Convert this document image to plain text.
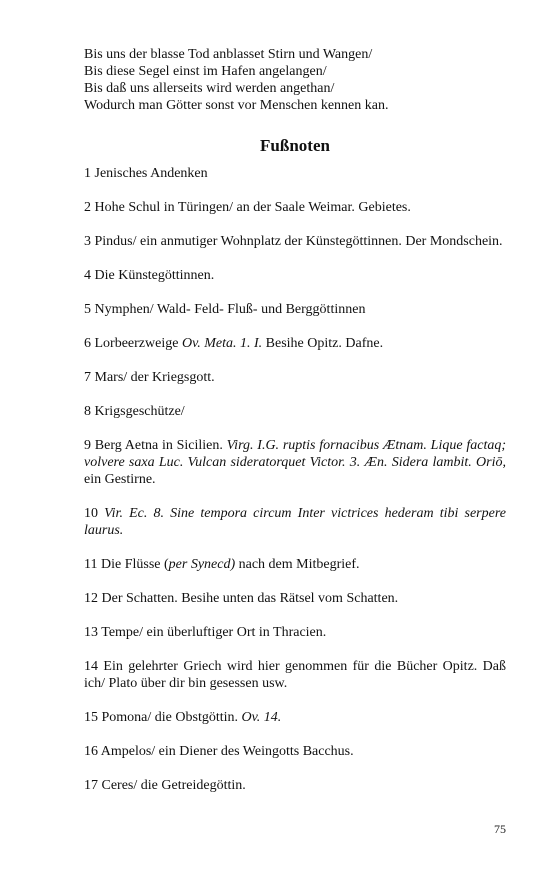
Bis uns der blasse Tod anblasset Stirn und Wangen/
Bis diese Segel einst im Hafen angelangen/
Bis daß uns allerseits wird werden angethan/
Wodurch man Götter sonst vor Menschen kennen kan.
Fußnoten

1 Jenisches Andenken

2 Hohe Schul in Türingen/ an der Saale Weimar. Gebietes.

3 Pindus/ ein anmutiger Wohnplatz der Künstegöttinnen. Der Mondschein.

4 Die Künstegöttinnen.

5 Nymphen/ Wald- Feld- Fluß- und Berggöttinnen

6 Lorbeerzweige Ov. Meta. 1. I. Besihe Opitz. Dafne.

7 Mars/ der Kriegsgott.

8 Krigsgeschütze/

9 Berg Aetna in Sicilien. Virg. I.G. ruptis fornacibus Ætnam. Lique factaq; volvere saxa Luc. Vulcan sideratorquet Victor. 3. Æn. Sidera lambit. Oriō, ein Gestirne.

10 Vir. Ec. 8. Sine tempora circum Inter victrices hederam tibi serpere laurus.

11 Die Flüsse (per Synecd) nach dem Mitbegrief.

12 Der Schatten. Besihe unten das Rätsel vom Schatten.

13 Tempe/ ein überluftiger Ort in Thracien.

14 Ein gelehrter Griech wird hier genommen für die Bücher Opitz. Daß ich/ Plato über dir bin gesessen usw.

15 Pomona/ die Obstgöttin. Ov. 14.

16 Ampelos/ ein Diener des Weingotts Bacchus.

17 Ceres/ die Getreidegöttin.

75
